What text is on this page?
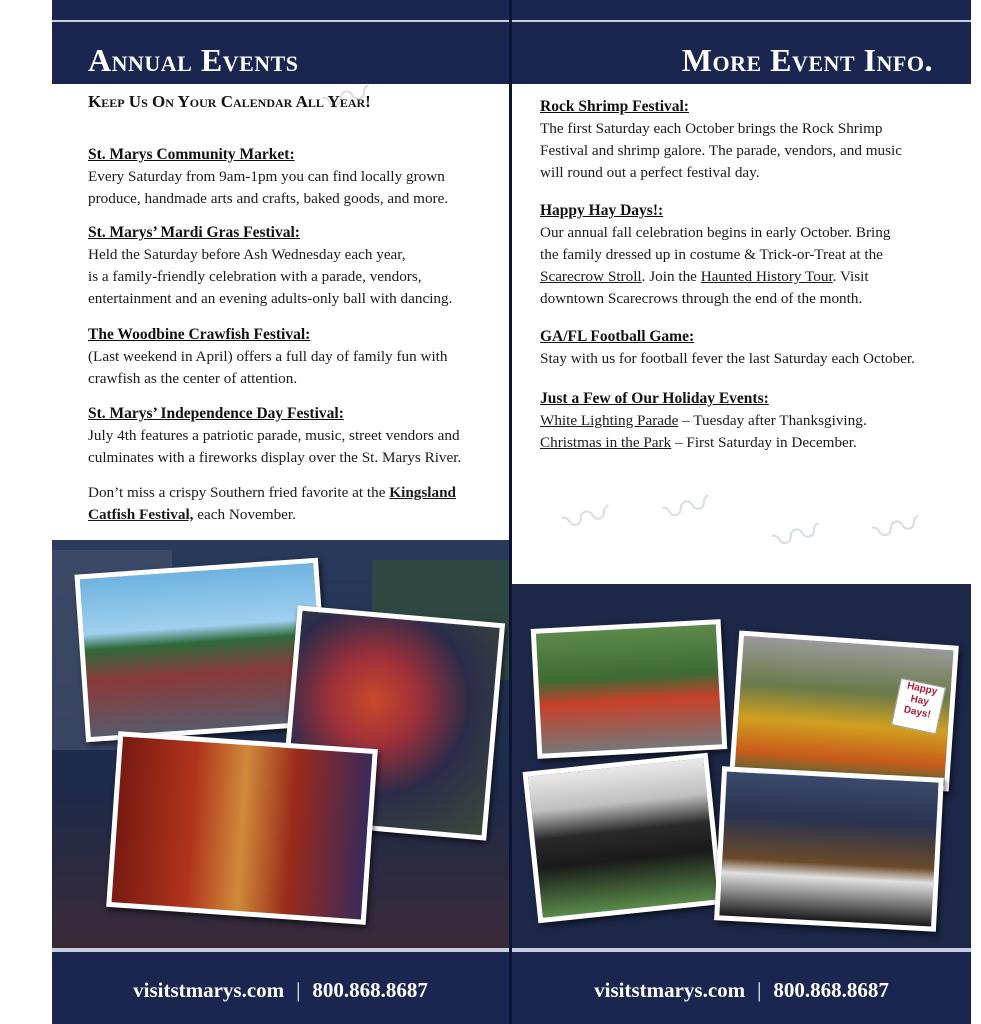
Annual Events
〰
Keep Us On Your Calendar All Year!
St. Marys Community Market:
Every Saturday from 9am-1pm you can find locally grown
produce, handmade arts and crafts, baked goods, and more.
St. Marys’ Mardi Gras Festival:
Held the Saturday before Ash Wednesday each year,
is a family-friendly celebration with a parade, vendors,
entertainment and an evening adults-only ball with dancing.
The Woodbine Crawfish Festival:
(Last weekend in April) offers a full day of family fun with
crawfish as the center of attention.
St. Marys’ Independence Day Festival:
July 4th features a patriotic parade, music, street vendors and
culminates with a fireworks display over the St. Marys River.
Don’t miss a crispy Southern fried favorite at the Kingsland
Catfish Festival, each November.
visitstmarys.com | 800.868.8687
More Event Info.
Rock Shrimp Festival:
The first Saturday each October brings the Rock Shrimp
Festival and shrimp galore. The parade, vendors, and music
will round out a perfect festival day.
Happy Hay Days!:
Our annual fall celebration begins in early October. Bring
the family dressed up in costume & Trick-or-Treat at the
Scarecrow Stroll. Join the Haunted History Tour. Visit
downtown Scarecrows through the end of the month.
GA/FL Football Game:
Stay with us for football fever the last Saturday each October.
Just a Few of Our Holiday Events:
White Lighting Parade – Tuesday after Thanksgiving.
Christmas in the Park – First Saturday in December.
〰 〰 〰 〰
Happy Hay Days!
visitstmarys.com | 800.868.8687
